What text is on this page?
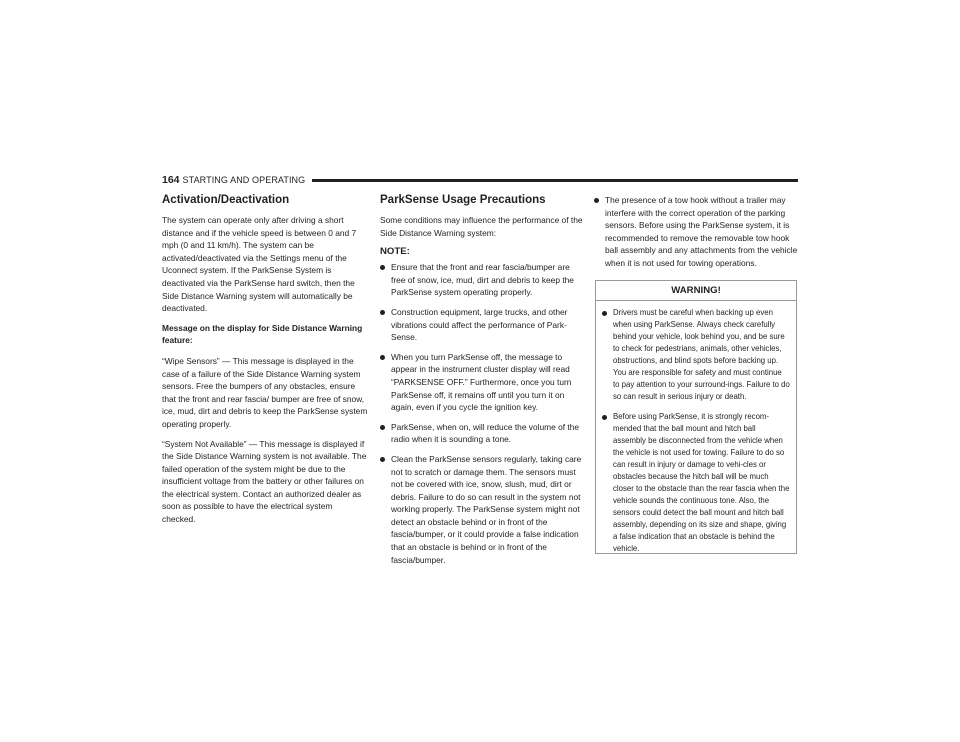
164 STARTING AND OPERATING
Activation/Deactivation

The system can operate only after driving a short distance and if the vehicle speed is between 0 and 7 mph (0 and 11 km/h). The system can be activated/deactivated via the Settings menu of the Uconnect system. If the ParkSense System is deactivated via the ParkSense hard switch, then the Side Distance Warning system will automatically be deactivated.

Message on the display for Side Distance Warning feature:

“Wipe Sensors” — This message is displayed in the case of a failure of the Side Distance Warning system sensors. Free the bumpers of any obstacles, ensure that the front and rear fascia/ bumper are free of snow, ice, mud, dirt and debris to keep the ParkSense system operating properly.

“System Not Available” — This message is displayed if the Side Distance Warning system is not available. The failed operation of the system might be due to the insufficient voltage from the battery or other failures on the electrical system. Contact an authorized dealer as soon as possible to have the electrical system checked.

ParkSense Usage Precautions

Some conditions may influence the performance of the Side Distance Warning system:

NOTE:
Ensure that the front and rear fascia/bumper are free of snow, ice, mud, dirt and debris to keep the ParkSense system operating properly.
Construction equipment, large trucks, and other vibrations could affect the performance of Park-Sense.
When you turn ParkSense off, the message to appear in the instrument cluster display will read “PARKSENSE OFF.” Furthermore, once you turn ParkSense off, it remains off until you turn it on again, even if you cycle the ignition key.
ParkSense, when on, will reduce the volume of the radio when it is sounding a tone.
Clean the ParkSense sensors regularly, taking care not to scratch or damage them. The sensors must not be covered with ice, snow, slush, mud, dirt or debris. Failure to do so can result in the system not working properly. The ParkSense system might not detect an obstacle behind or in front of the fascia/bumper, or it could provide a false indication that an obstacle is behind or in front of the fascia/bumper.
The presence of a tow hook without a trailer may interfere with the correct operation of the parking sensors. Before using the ParkSense system, it is recommended to remove the removable tow hook ball assembly and any attachments from the vehicle when it is not used for towing operations.
WARNING!
Drivers must be careful when backing up even when using ParkSense. Always check carefully behind your vehicle, look behind you, and be sure to check for pedestrians, animals, other vehicles, obstructions, and blind spots before backing up. You are responsible for safety and must continue to pay attention to your surround-ings. Failure to do so can result in serious injury or death.
Before using ParkSense, it is strongly recom-mended that the ball mount and hitch ball assembly be disconnected from the vehicle when the vehicle is not used for towing. Failure to do so can result in injury or damage to vehi-cles or obstacles because the hitch ball will be much closer to the obstacle than the rear fascia when the vehicle sounds the continuous tone. Also, the sensors could detect the ball mount and hitch ball assembly, depending on its size and shape, giving a false indication that an obstacle is behind the vehicle.
